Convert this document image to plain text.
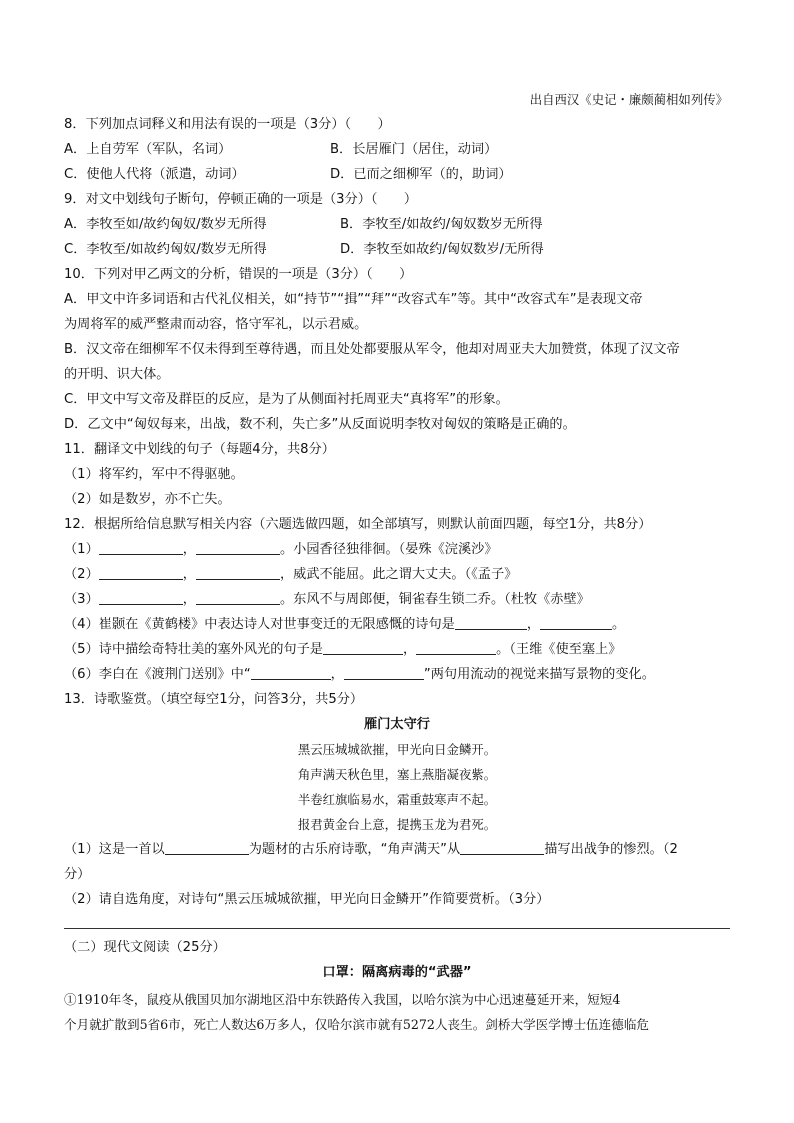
出自西汉《史记・廉颇蔺相如列传》
8．下列加点词释义和用法有误的一项是（3分）（　　）
A．上自劳军（军队，名词）	B．长居雁门（居住，动词）
C．使他人代将（派遣，动词）	D．已而之细柳军（的，助词）
9．对文中划线句子断句，停顿正确的一项是（3分）（　　）
A．李牧至如/故约匈奴/数岁无所得	B．李牧至/如故约/匈奴数岁无所得
C．李牧至/如故约匈奴/数岁无所得	D．李牧至如故约/匈奴数岁/无所得
10．下列对甲乙两文的分析，错误的一项是（3分）（　　）
A．甲文中许多词语和古代礼仪相关，如“持节”“揖”“拜”“改容式车”等。其中“改容式车”是表现文帝
为周将军的威严整肃而动容，恪守军礼，以示君威。
B．汉文帝在细柳军不仅未得到至尊待遇，而且处处都要服从军令，他却对周亚夫大加赞赏，体现了汉文帝
的开明、识大体。
C．甲文中写文帝及群臣的反应，是为了从侧面衬托周亚夫“真将军”的形象。
D．乙文中“匈奴每来，出战，数不利，失亡多”从反面说明李牧对匈奴的策略是正确的。
11．翻译文中划线的句子（每题4分，共8分）
（1）将军约，军中不得驱驰。
（2）如是数岁，亦不亡失。
12．根据所给信息默写相关内容（六题选做四题，如全部填写，则默认前面四题，每空1分，共8分）
（1）	，	。小园香径独徘徊。（晏殊《浣溪沙》
（2）	，	，威武不能屈。此之谓大丈夫。（《孟子》
（3）	，	。东风不与周郎便，铜雀春生锁二乔。（杜牧《赤壁》
（4）崔颢在《黄鹤楼》中表达诗人对世事变迁的无限感慨的诗句是	，	。
（5）诗中描绘奇特壮美的塞外风光的句子是	，	。（王维《使至塞上》
（6）李白在《渡荆门送别》中“	，	”两句用流动的视觉来描写景物的变化。
13．诗歌鉴赏。（填空每空1分，问答3分，共5分）
雁门太守行
黑云压城城欲摧，甲光向日金鳞开。
角声满天秋色里，塞上燕脂凝夜紫。
半卷红旗临易水，霜重鼓寒声不起。
报君黄金台上意，提携玉龙为君死。
（1）这是一首以	为题材的古乐府诗歌，“角声满天”从	描写出战争的惨烈。（2
分）
（2）请自选角度，对诗句“黑云压城城欲摧，甲光向日金鳞开”作简要赏析。（3分）
（二）现代文阅读（25分）
口罩：隔离病毒的“武器”
①1910年冬，鼠疫从俄国贝加尔湖地区沿中东铁路传入我国，以哈尔滨为中心迅速蔓延开来，短短4
个月就扩散到5省6市，死亡人数达6万多人，仅哈尔滨市就有5272人丧生。剑桥大学医学博士伍连德临危
